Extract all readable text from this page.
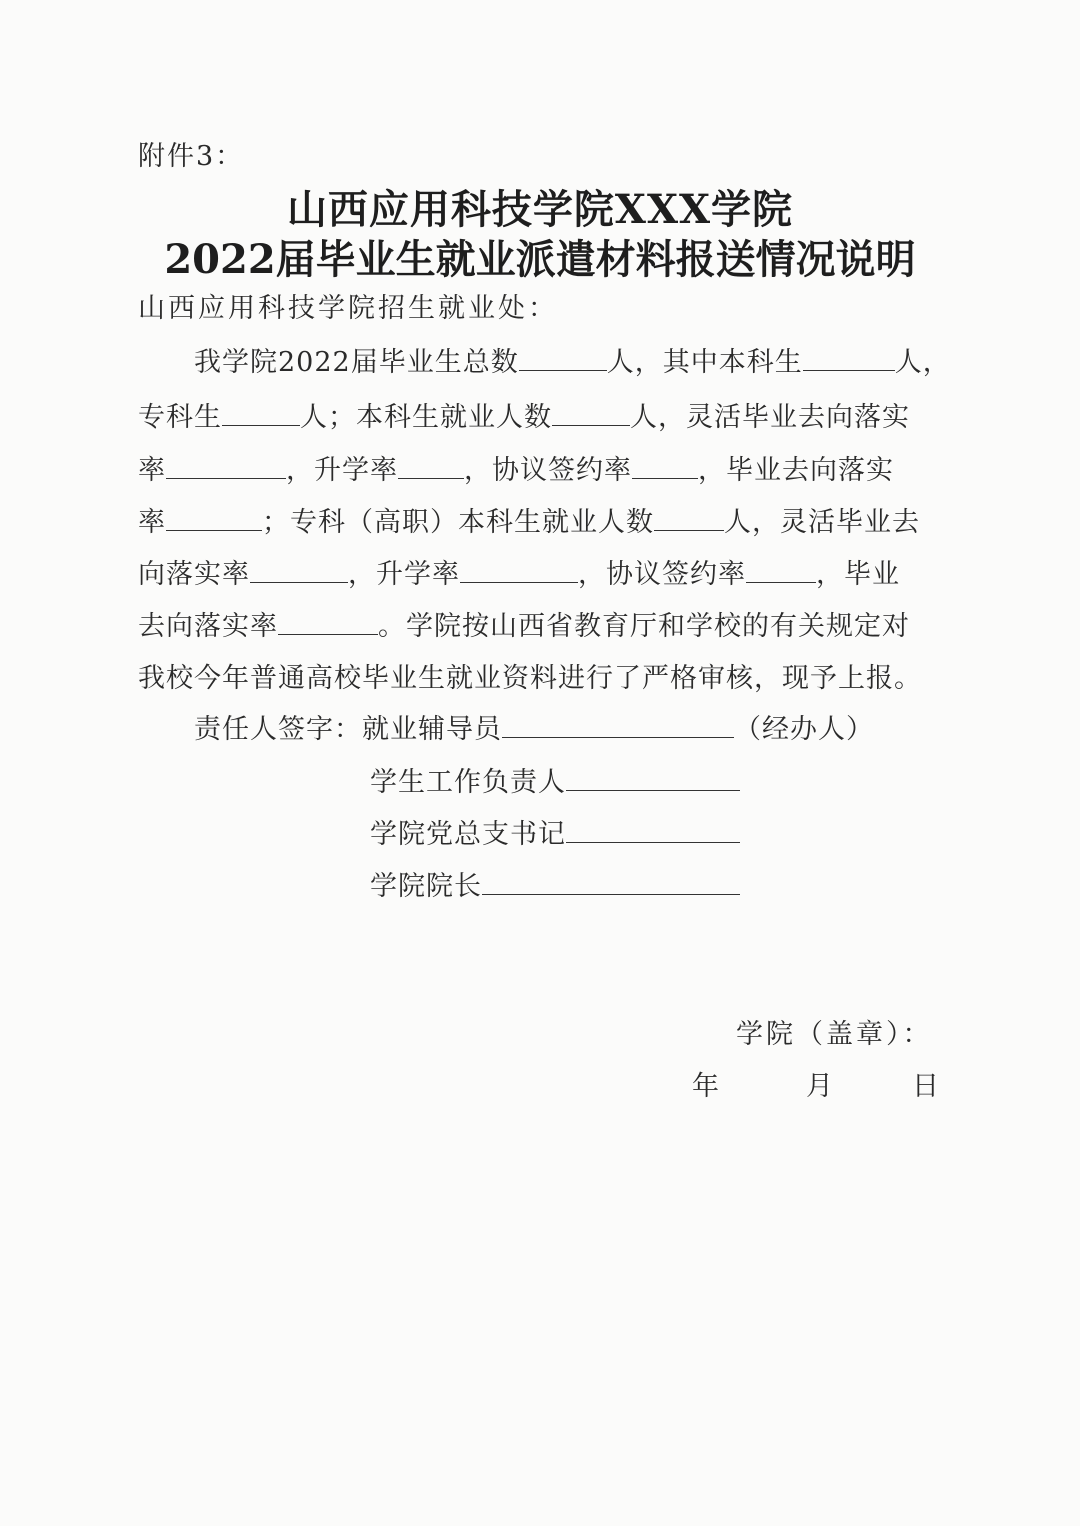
附件3：
山西应用科技学院XXX学院
2022届毕业生就业派遣材料报送情况说明
山西应用科技学院招生就业处：
我学院2022届毕业生总数	人，其中本科生	人，
专科生	人；本科生就业人数	人，灵活毕业去向落实
率	，升学率 ，协议签约率 ，毕业去向落实
率	；专科（高职）本科生就业人数	人，灵活毕业去
向落实率	，升学率	，协议签约率	，毕业
去向落实率	。学院按山西省教育厅和学校的有关规定对
我校今年普通高校毕业生就业资料进行了严格审核，现予上报。
责任人签字：就业辅导员	（经办人）
学生工作负责人
学院党总支书记
学院院长
学院（盖章）：
年	月	日
